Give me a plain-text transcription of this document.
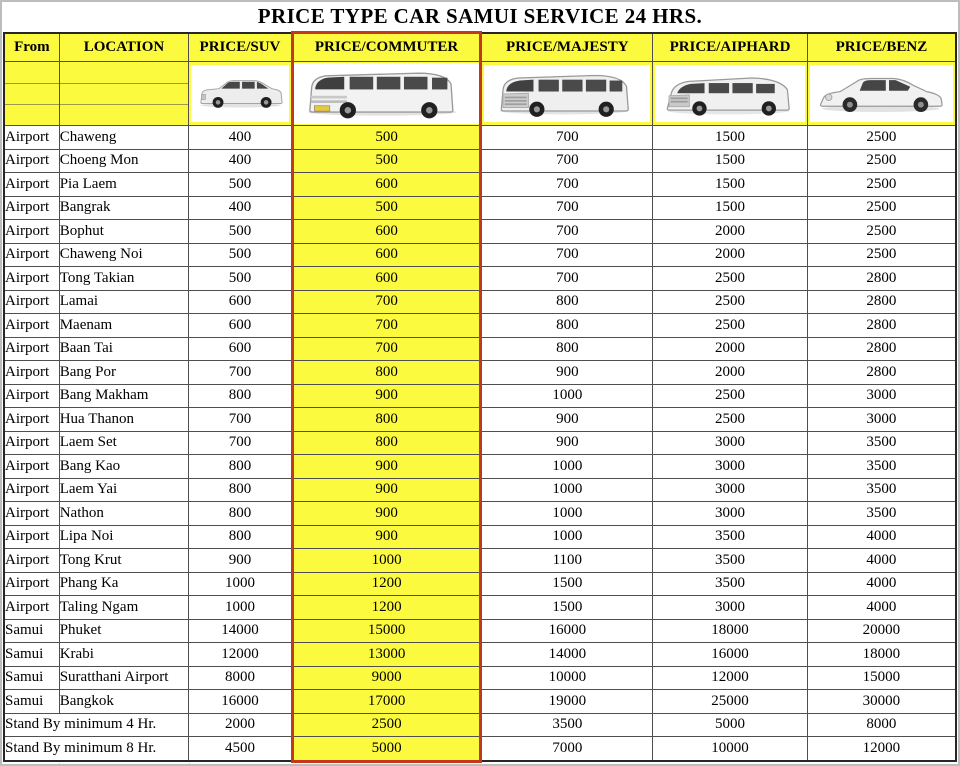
PRICE TYPE CAR SAMUI SERVICE 24 HRS.
From	LOCATION	PRICE/SUV	PRICE/COMMUTER	PRICE/MAJESTY	PRICE/AIPHARD	PRICE/BENZ

Airport	Chaweng	400	500	700	1500	2500
Airport	Choeng Mon	400	500	700	1500	2500
Airport	Pia Laem	500	600	700	1500	2500
Airport	Bangrak	400	500	700	1500	2500
Airport	Bophut	500	600	700	2000	2500
Airport	Chaweng Noi	500	600	700	2000	2500
Airport	Tong Takian	500	600	700	2500	2800
Airport	Lamai	600	700	800	2500	2800
Airport	Maenam	600	700	800	2500	2800
Airport	Baan Tai	600	700	800	2000	2800
Airport	Bang Por	700	800	900	2000	2800
Airport	Bang Makham	800	900	1000	2500	3000
Airport	Hua Thanon	700	800	900	2500	3000
Airport	Laem Set	700	800	900	3000	3500
Airport	Bang Kao	800	900	1000	3000	3500
Airport	Laem Yai	800	900	1000	3000	3500
Airport	Nathon	800	900	1000	3000	3500
Airport	Lipa Noi	800	900	1000	3500	4000
Airport	Tong Krut	900	1000	1100	3500	4000
Airport	Phang Ka	1000	1200	1500	3500	4000
Airport	Taling Ngam	1000	1200	1500	3000	4000
Samui	Phuket	14000	15000	16000	18000	20000
Samui	Krabi	12000	13000	14000	16000	18000
Samui	Suratthani Airport	8000	9000	10000	12000	15000
Samui	Bangkok	16000	17000	19000	25000	30000
Stand By minimum 4 Hr.		2000	2500	3500	5000	8000
Stand By minimum 8 Hr.		4500	5000	7000	10000	12000
